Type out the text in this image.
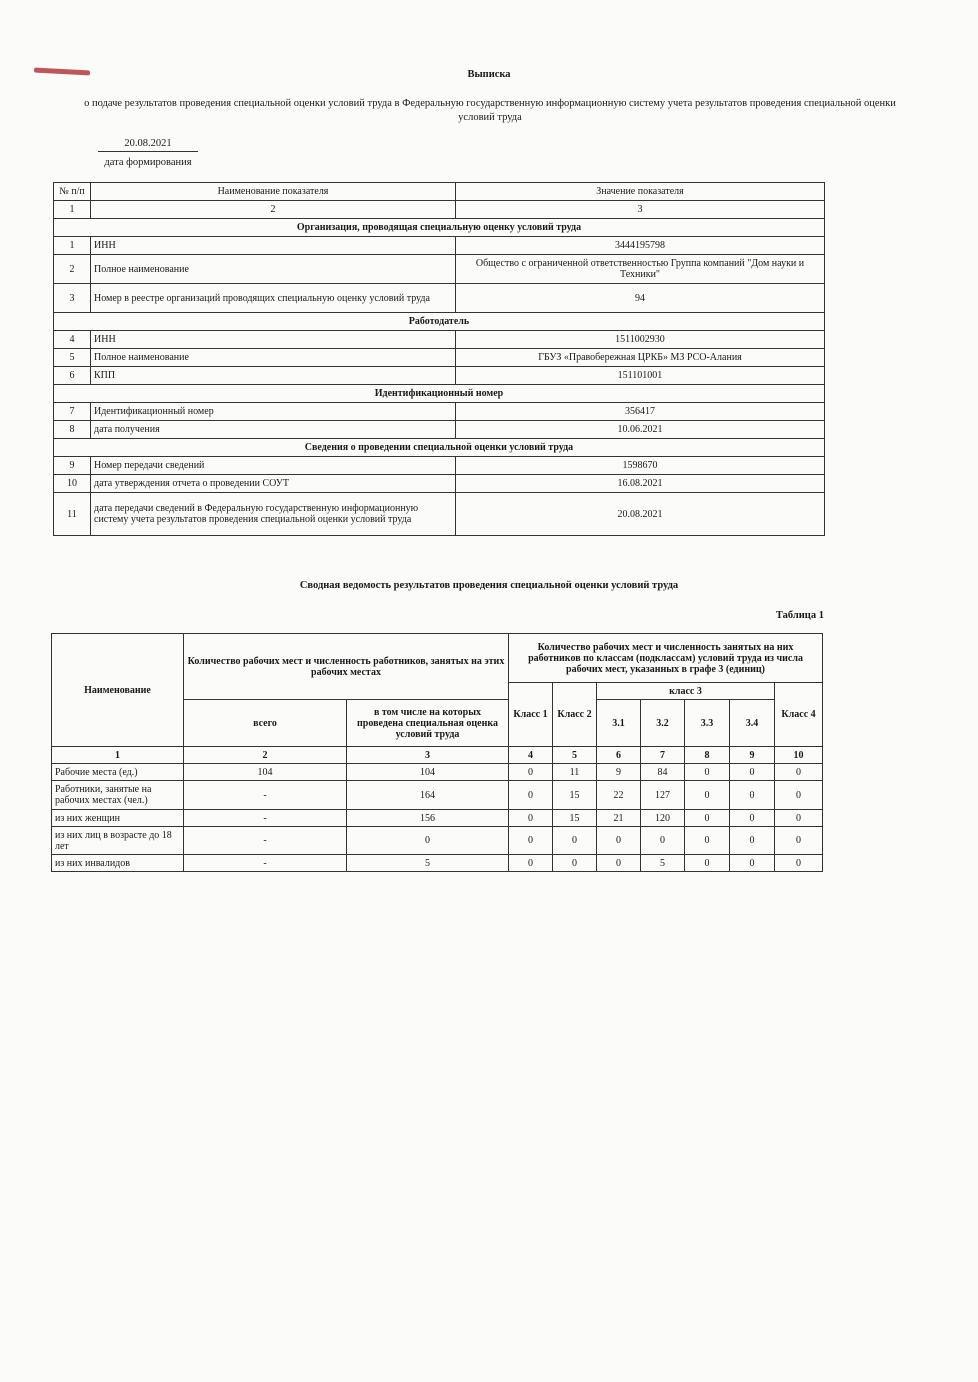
Выписка
о подаче результатов проведения специальной оценки условий труда в Федеральную государственную информационную систему учета результатов проведения специальной оценки условий труда
20.08.2021
дата формирования
№ п/п	Наименование показателя	Значение показателя
1	2	3
Организация, проводящая специальную оценку условий труда		
1	ИНН	3444195798
2	Полное наименование	Общество с ограниченной ответственностью Группа компаний "Дом науки и Техники"
3	Номер в реестре организаций проводящих специальную оценку условий труда	94
Работодатель		
4	ИНН	1511002930
5	Полное наименование	ГБУЗ «Правобережная ЦРКБ» МЗ РСО-Алания
6	КПП	151101001
Идентификационный номер		
7	Идентификационный номер	356417
8	дата получения	10.06.2021
Сведения о проведении специальной оценки условий труда		
9	Номер передачи сведений	1598670
10	дата утверждения отчета о проведении СОУТ	16.08.2021
11	дата передачи сведений в Федеральную государственную информационную систему учета результатов проведения специальной оценки условий труда	20.08.2021
Сводная ведомость результатов проведения специальной оценки условий труда
Таблица 1
Наименование	Количество рабочих мест и численность работников, занятых на этих рабочих местах		Количество рабочих мест и численность занятых на них работников по классам (подклассам) условий труда из числа рабочих мест, указанных в графе 3 (единиц)						
			Класс 1	Класс 2	класс 3				Класс 4
	всего	в том числе на которых проведена специальная оценка условий труда			3.1	3.2	3.3	3.4	
1	2	3	4	5	6	7	8	9	10
Рабочие места (ед.)	104	104	0	11	9	84	0	0	0
Работники, занятые на рабочих местах (чел.)	-	164	0	15	22	127	0	0	0
из них женщин	-	156	0	15	21	120	0	0	0
из них лиц в возрасте до 18 лет	-	0	0	0	0	0	0	0	0
из них инвалидов	-	5	0	0	0	5	0	0	0
